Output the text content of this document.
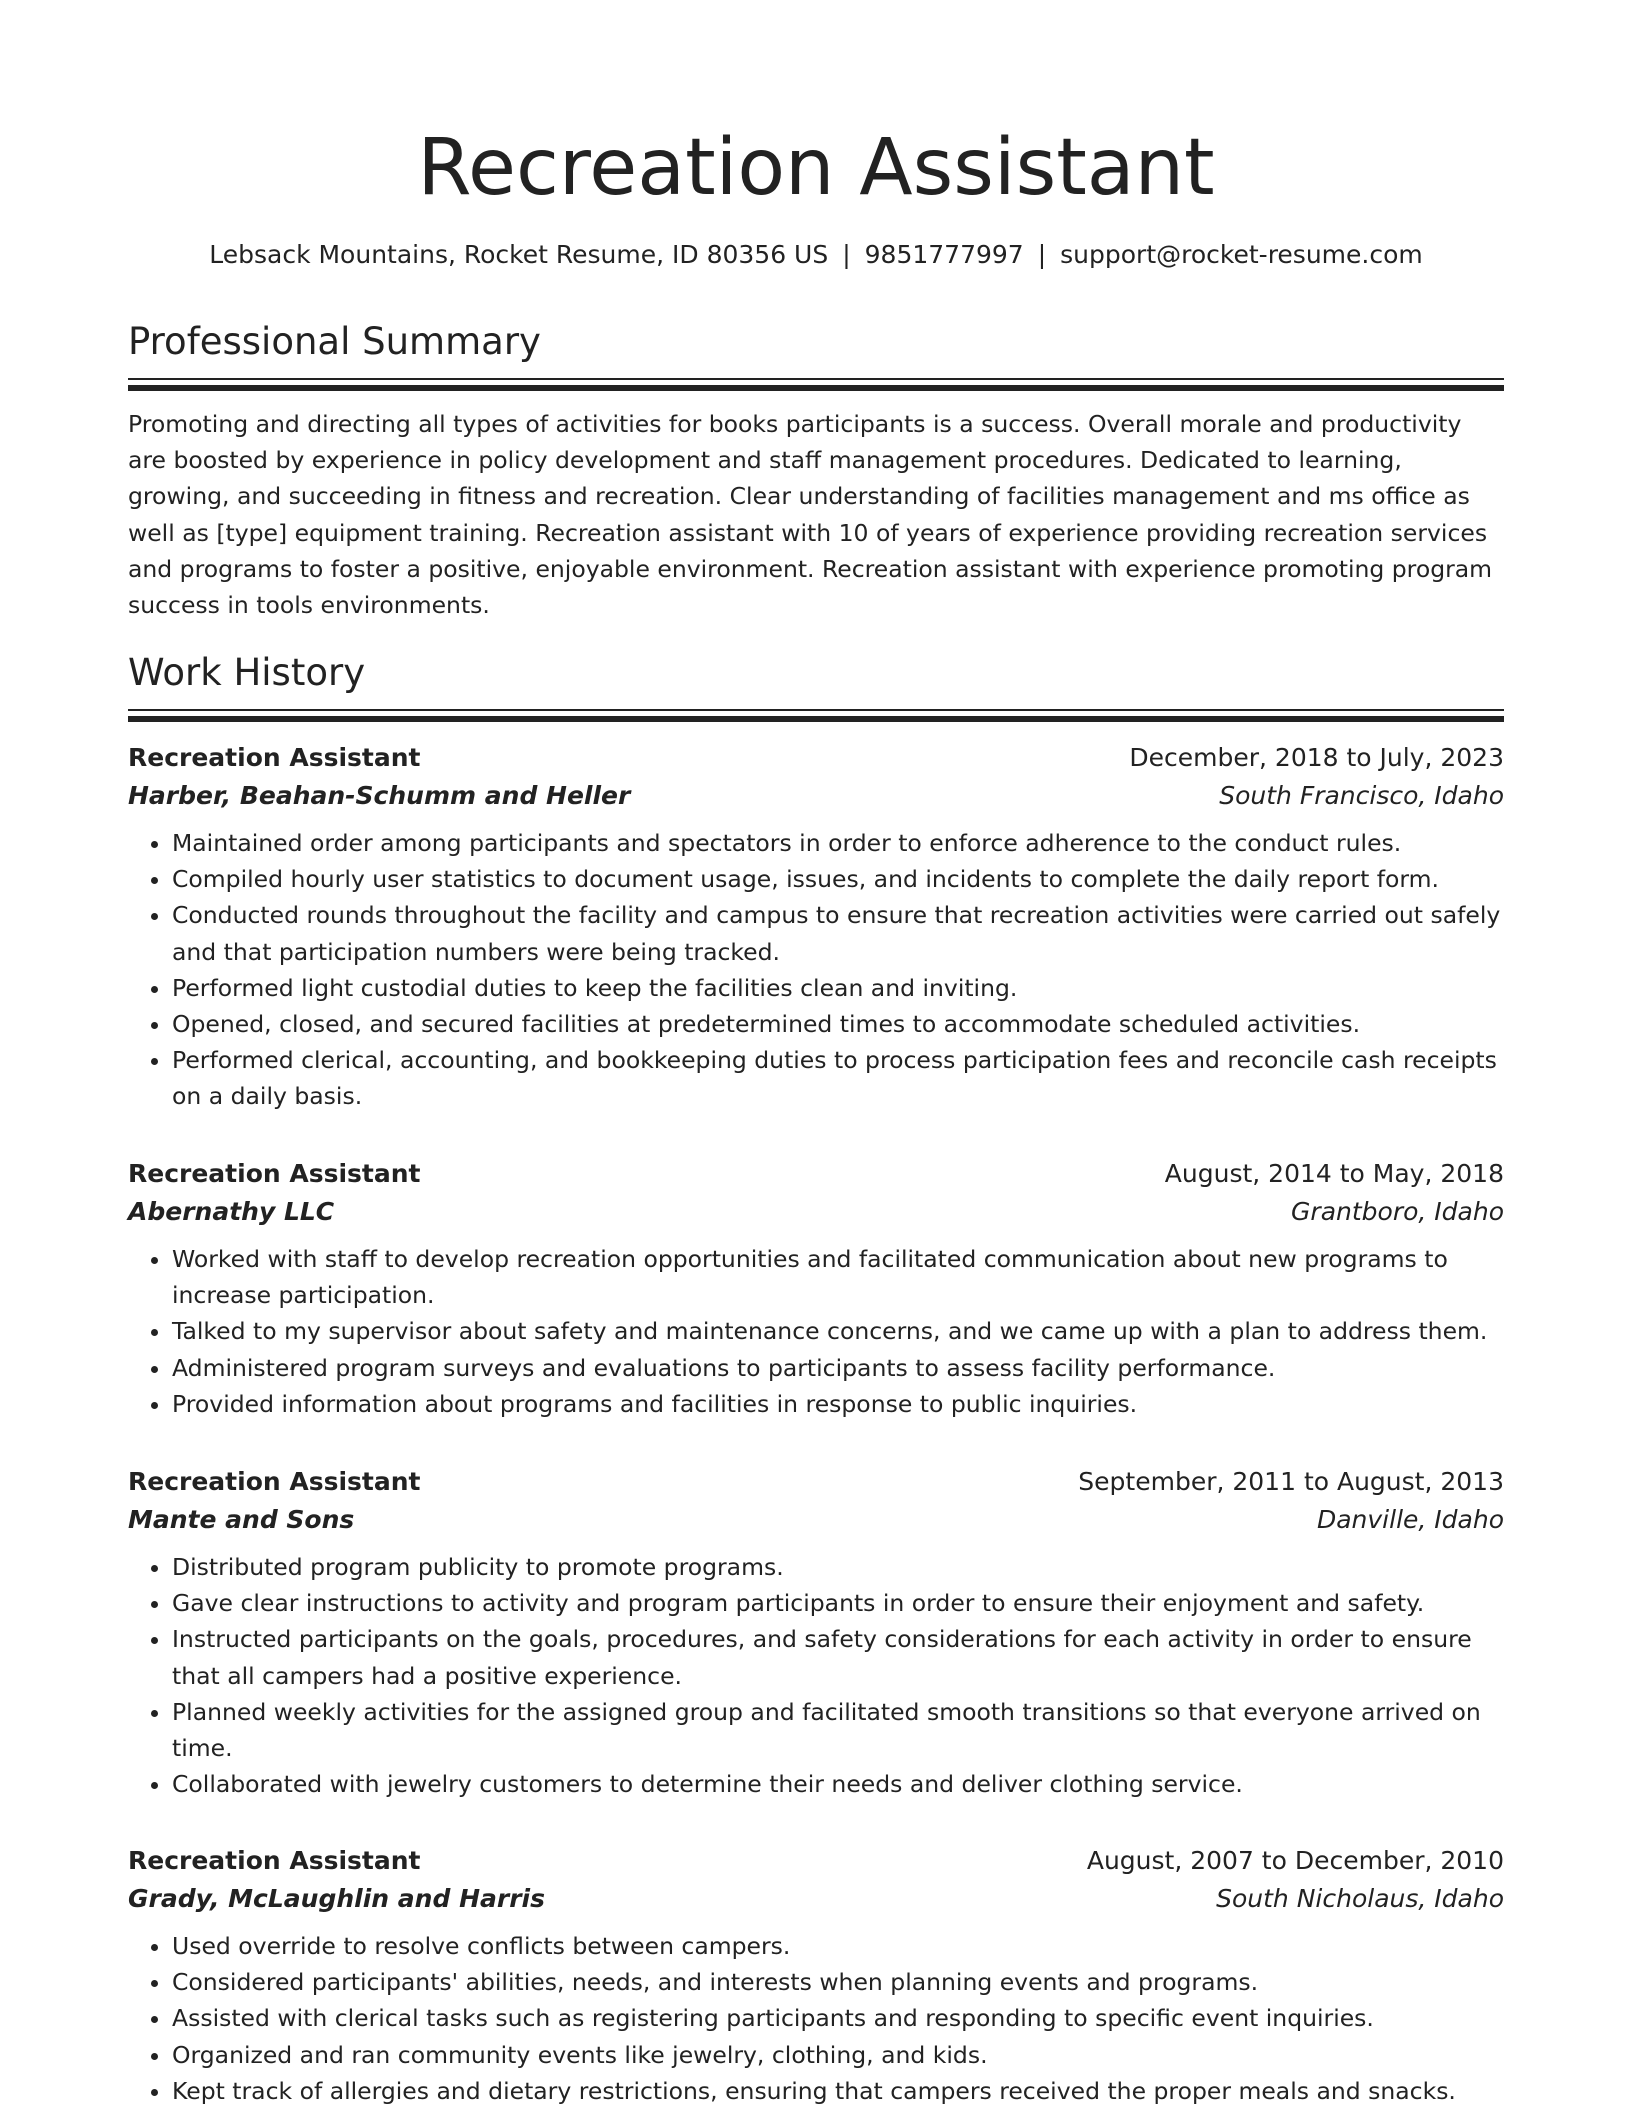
Recreation Assistant
Lebsack Mountains, Rocket Resume, ID 80356 US | 9851777997 | support@rocket-resume.com
Professional Summary
Promoting and directing all types of activities for books participants is a success. Overall morale and productivity are boosted by experience in policy development and staff management procedures. Dedicated to learning, growing, and succeeding in fitness and recreation. Clear understanding of facilities management and ms office as well as [type] equipment training. Recreation assistant with 10 of years of experience providing recreation services and programs to foster a positive, enjoyable environment. Recreation assistant with experience promoting program success in tools environments.
Work History
Recreation Assistant	December, 2018 to July, 2023
Harber, Beahan-Schumm and Heller	South Francisco, Idaho
• Maintained order among participants and spectators in order to enforce adherence to the conduct rules.
• Compiled hourly user statistics to document usage, issues, and incidents to complete the daily report form.
• Conducted rounds throughout the facility and campus to ensure that recreation activities were carried out safely and that participation numbers were being tracked.
• Performed light custodial duties to keep the facilities clean and inviting.
• Opened, closed, and secured facilities at predetermined times to accommodate scheduled activities.
• Performed clerical, accounting, and bookkeeping duties to process participation fees and reconcile cash receipts on a daily basis.
Recreation Assistant	August, 2014 to May, 2018
Abernathy LLC	Grantboro, Idaho
• Worked with staff to develop recreation opportunities and facilitated communication about new programs to increase participation.
• Talked to my supervisor about safety and maintenance concerns, and we came up with a plan to address them.
• Administered program surveys and evaluations to participants to assess facility performance.
• Provided information about programs and facilities in response to public inquiries.
Recreation Assistant	September, 2011 to August, 2013
Mante and Sons	Danville, Idaho
• Distributed program publicity to promote programs.
• Gave clear instructions to activity and program participants in order to ensure their enjoyment and safety.
• Instructed participants on the goals, procedures, and safety considerations for each activity in order to ensure that all campers had a positive experience.
• Planned weekly activities for the assigned group and facilitated smooth transitions so that everyone arrived on time.
• Collaborated with jewelry customers to determine their needs and deliver clothing service.
Recreation Assistant	August, 2007 to December, 2010
Grady, McLaughlin and Harris	South Nicholaus, Idaho
• Used override to resolve conflicts between campers.
• Considered participants' abilities, needs, and interests when planning events and programs.
• Assisted with clerical tasks such as registering participants and responding to specific event inquiries.
• Organized and ran community events like jewelry, clothing, and kids.
• Kept track of allergies and dietary restrictions, ensuring that campers received the proper meals and snacks.
